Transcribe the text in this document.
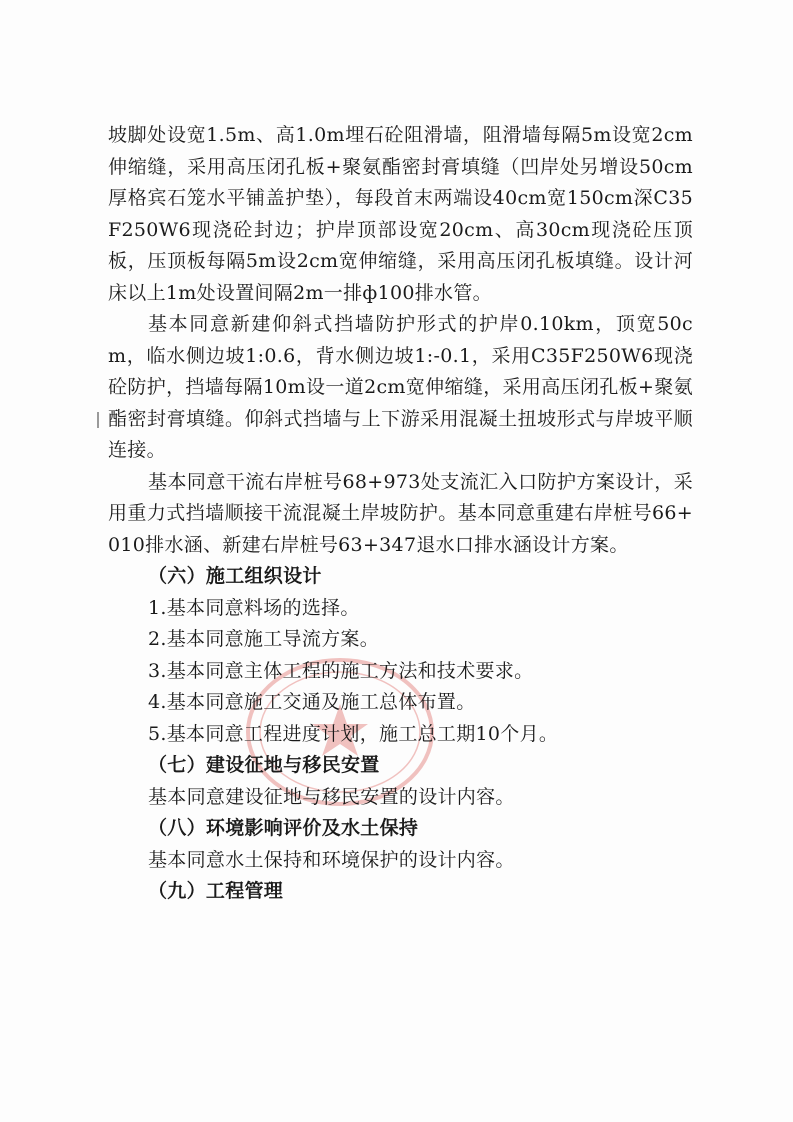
坡脚处设宽1.5m、高1.0m埋石砼阻滑墙，阻滑墙每隔5m设宽2cm伸缩缝，采用高压闭孔板+聚氨酯密封膏填缝（凹岸处另增设50cm厚格宾石笼水平铺盖护垫），每段首末两端设40cm宽150cm深C35F250W6现浇砼封边；护岸顶部设宽20cm、高30cm现浇砼压顶板，压顶板每隔5m设2cm宽伸缩缝，采用高压闭孔板填缝。设计河床以上1m处设置间隔2m一排ф100排水管。

基本同意新建仰斜式挡墙防护形式的护岸0.10km，顶宽50cm，临水侧边坡1:0.6，背水侧边坡1:-0.1，采用C35F250W6现浇砼防护，挡墙每隔10m设一道2cm宽伸缩缝，采用高压闭孔板+聚氨酯密封膏填缝。仰斜式挡墙与上下游采用混凝土扭坡形式与岸坡平顺连接。

基本同意干流右岸桩号68+973处支流汇入口防护方案设计，采用重力式挡墙顺接干流混凝土岸坡防护。基本同意重建右岸桩号66+010排水涵、新建右岸桩号63+347退水口排水涵设计方案。

（六）施工组织设计

1.基本同意料场的选择。

2.基本同意施工导流方案。

3.基本同意主体工程的施工方法和技术要求。

4.基本同意施工交通及施工总体布置。

5.基本同意工程进度计划，施工总工期10个月。

（七）建设征地与移民安置

基本同意建设征地与移民安置的设计内容。

（八）环境影响评价及水土保持

基本同意水土保持和环境保护的设计内容。

（九）工程管理
